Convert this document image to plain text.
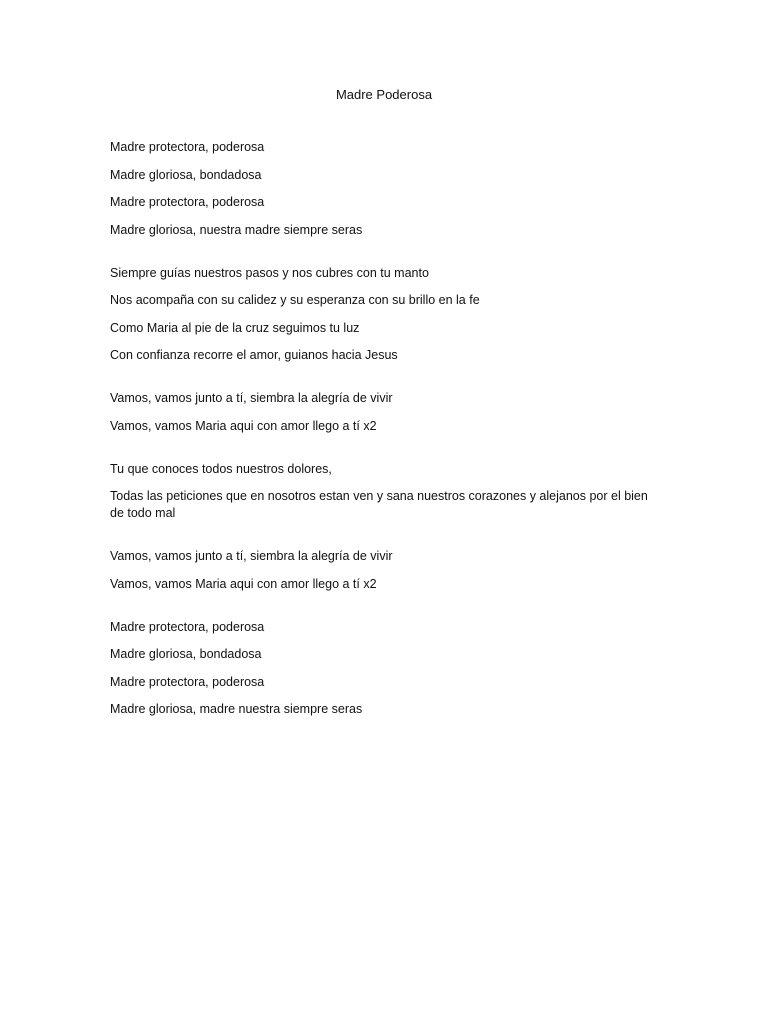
Madre Poderosa
Madre protectora, poderosa
Madre gloriosa, bondadosa
Madre protectora, poderosa
Madre gloriosa, nuestra madre siempre seras
Siempre guías nuestros pasos y nos cubres con tu manto
Nos acompaña con su calidez y su esperanza con su brillo en la fe
Como Maria al pie de la cruz seguimos tu luz
Con confianza recorre el amor, guianos hacia Jesus
Vamos, vamos junto a tí, siembra la alegría de vivir
Vamos, vamos Maria aqui con amor llego a tí x2
Tu que conoces todos nuestros dolores,
Todas las peticiones que en nosotros estan ven y sana nuestros corazones y alejanos por el bien de todo mal
Vamos, vamos junto a tí, siembra la alegría de vivir
Vamos, vamos Maria aqui con amor llego a tí x2
Madre protectora, poderosa
Madre gloriosa, bondadosa
Madre protectora, poderosa
Madre gloriosa, madre nuestra siempre seras
